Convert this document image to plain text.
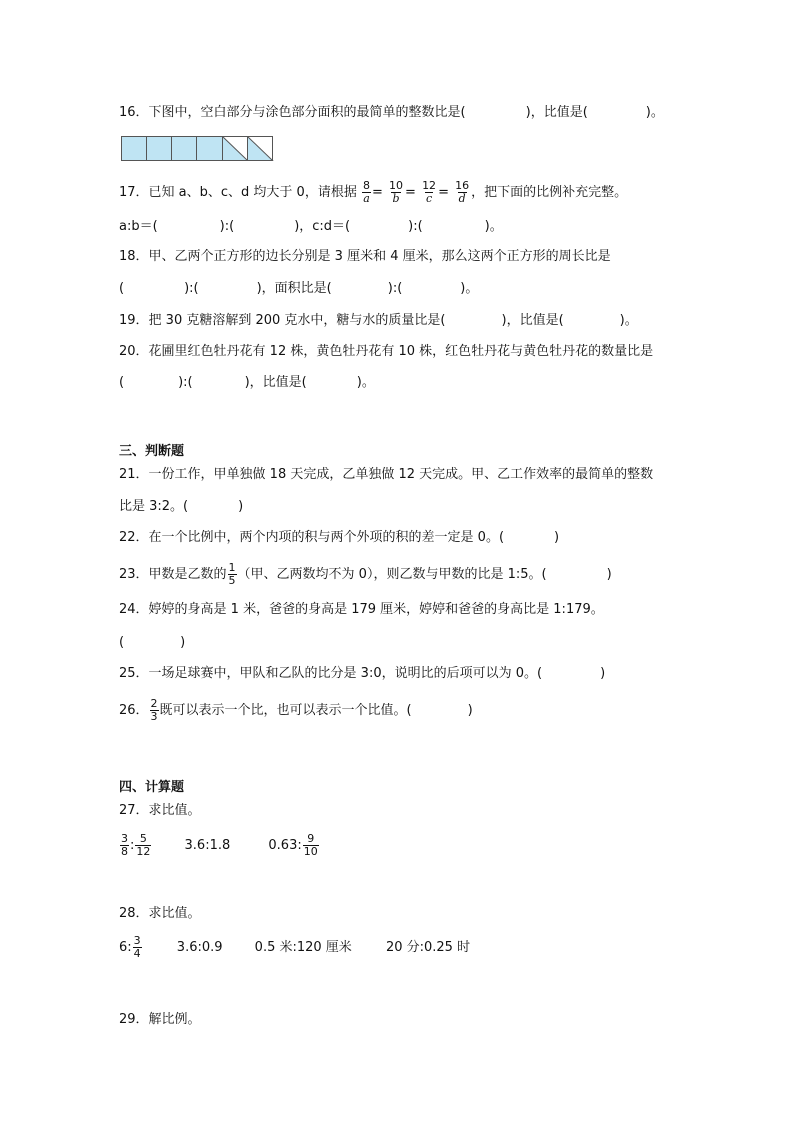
16．下图中，空白部分与涂色部分面积的最简单的整数比是(	)，比值是(	)。
17．已知 a、b、c、d 均大于 0，请根据 $\frac{8}{a} = \frac{10}{b} = \frac{12}{c} = \frac{16}{d}$ ，把下面的比例补充完整。
a:b＝(	):(	)，c:d＝(	):(	)。
18．甲、乙两个正方形的边长分别是 3 厘米和 4 厘米，那么这两个正方形的周长比是
(	):(	)，面积比是(	):(	)。
19．把 30 克糖溶解到 200 克水中，糖与水的质量比是(	)，比值是(	)。
20．花圃里红色牡丹花有 12 株，黄色牡丹花有 10 株，红色牡丹花与黄色牡丹花的数量比是
(	):(	)，比值是(	)。
三、判断题
21．一份工作，甲单独做 18 天完成，乙单独做 12 天完成。甲、乙工作效率的最简单的整数
比是 3:2。(	)
22．在一个比例中，两个内项的积与两个外项的积的差一定是 0。(	)
23．甲数是乙数的 $\frac{1}{5}$ （甲、乙两数均不为 0），则乙数与甲数的比是 1:5。(	)
24．婷婷的身高是 1 米，爸爸的身高是 179 厘米，婷婷和爸爸的身高比是 1:179。
(	)
25．一场足球赛中，甲队和乙队的比分是 3:0，说明比的后项可以为 0。(	)
26． $\frac{2}{3}$ 既可以表示一个比，也可以表示一个比值。(	)
四、计算题
27．求比值。
$\frac{3}{8}$ : $\frac{5}{12}$	3.6:1.8	0.63: $\frac{9}{10}$
28．求比值。
6: $\frac{3}{4}$	3.6:0.9 0.5 米:120 厘米	20 分:0.25 时
29．解比例。
